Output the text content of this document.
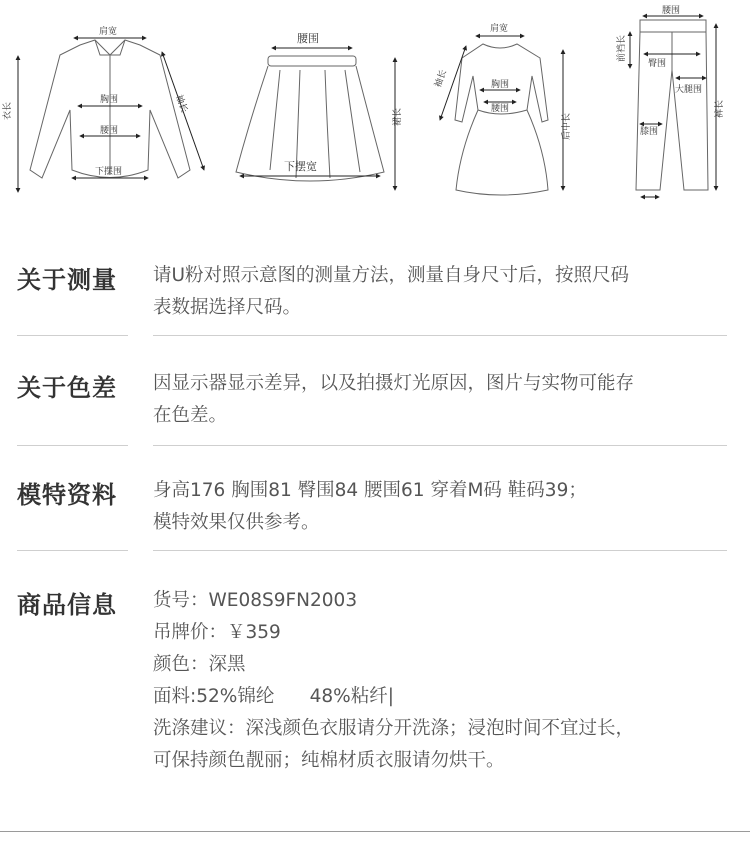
肩宽
胸围
腰围
下摆围
衣长	袖长
腰围
下摆宽
裙长
肩宽
袖长	胸围
腰围
后中长
腰围
前裆长
臀围
大腿围
裤长
膝围
关于测量 请U粉对照示意图的测量方法，测量自身尺寸后，按照尺码
表数据选择尺码。
关于色差 因显示器显示差异，以及拍摄灯光原因，图片与实物可能存
在色差。
模特资料 身高176 胸围81 臀围84 腰围61 穿着M码 鞋码39；
模特效果仅供参考。
商品信息 货号：WE08S9FN2003
吊牌价：￥359
颜色：深黑
面料:52%锦纶      48%粘纤|
洗涤建议：深浅颜色衣服请分开洗涤；浸泡时间不宜过长，
可保持颜色靓丽；纯棉材质衣服请勿烘干。
